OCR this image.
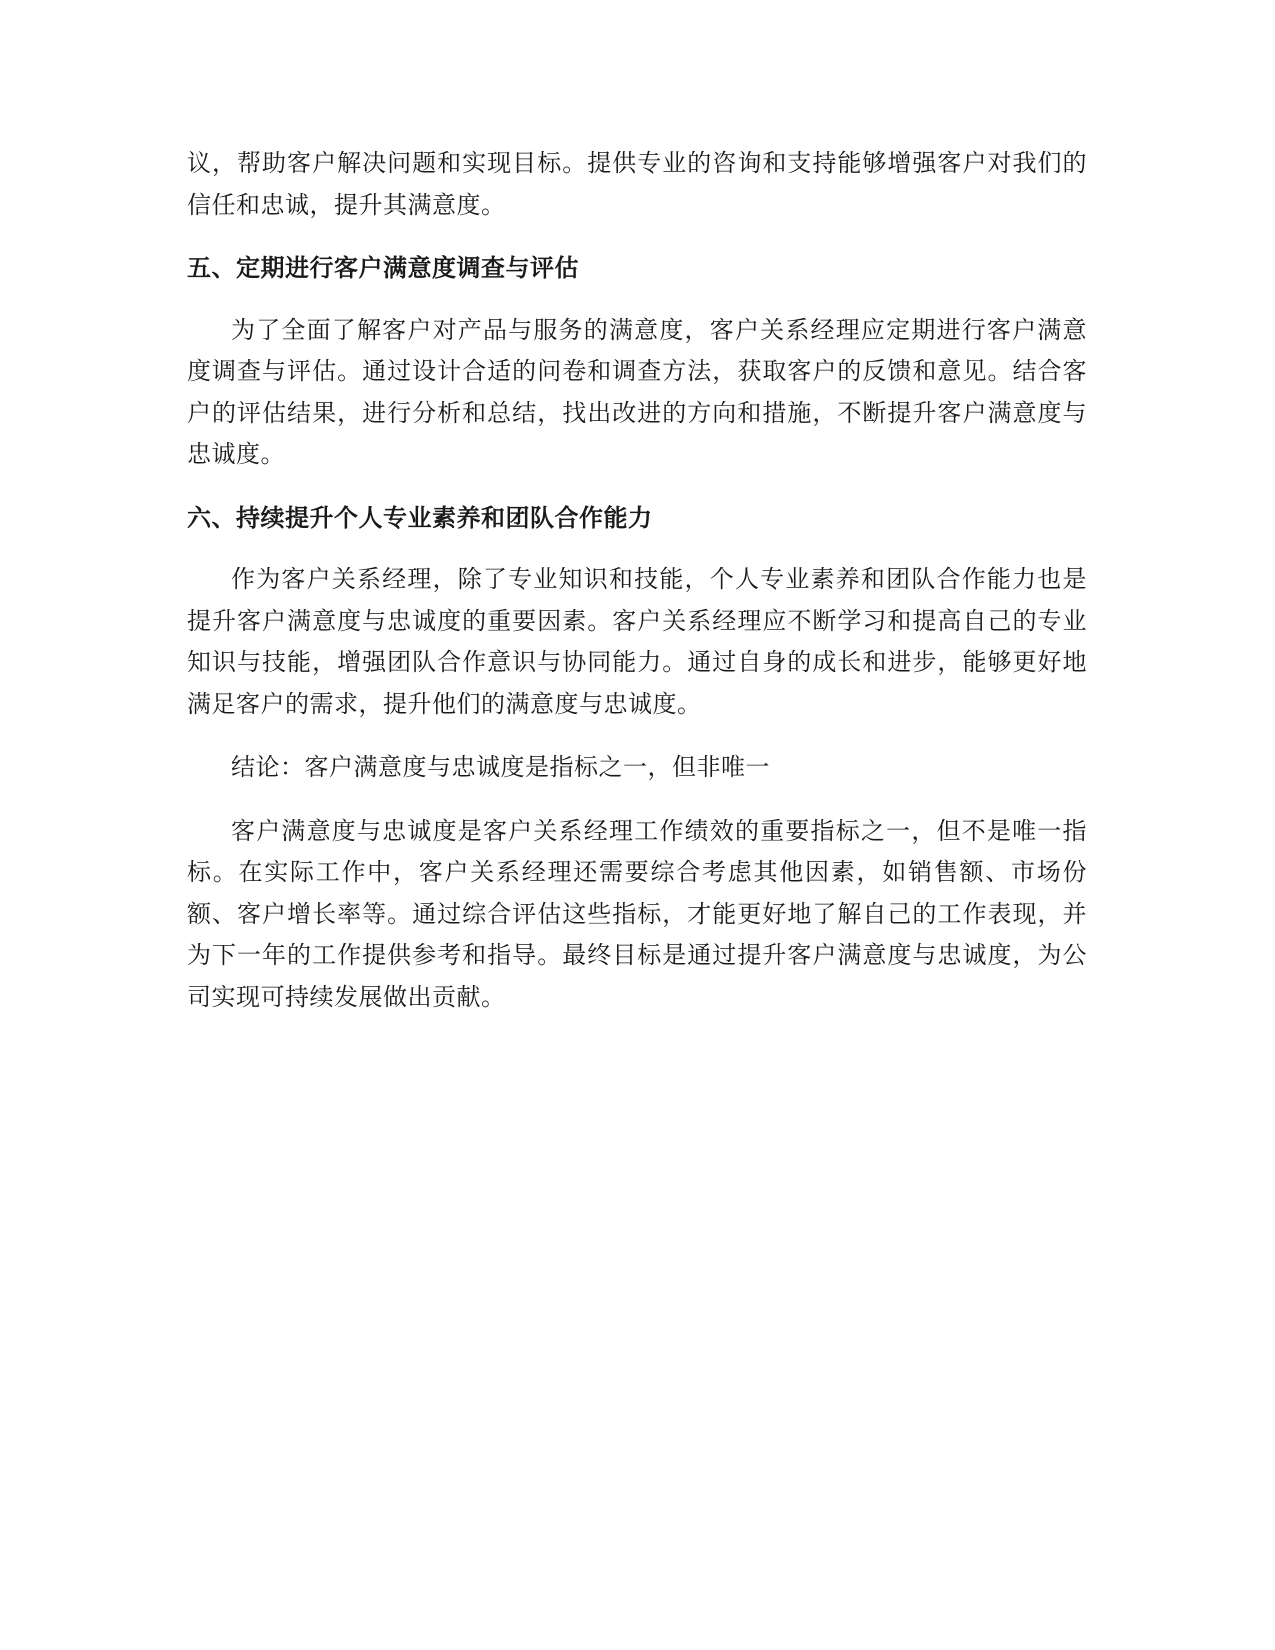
议，帮助客户解决问题和实现目标。提供专业的咨询和支持能够增强客户对我们的信任和忠诚，提升其满意度。

五、定期进行客户满意度调查与评估

为了全面了解客户对产品与服务的满意度，客户关系经理应定期进行客户满意度调查与评估。通过设计合适的问卷和调查方法，获取客户的反馈和意见。结合客户的评估结果，进行分析和总结，找出改进的方向和措施，不断提升客户满意度与忠诚度。

六、持续提升个人专业素养和团队合作能力

作为客户关系经理，除了专业知识和技能，个人专业素养和团队合作能力也是提升客户满意度与忠诚度的重要因素。客户关系经理应不断学习和提高自己的专业知识与技能，增强团队合作意识与协同能力。通过自身的成长和进步，能够更好地满足客户的需求，提升他们的满意度与忠诚度。

结论：客户满意度与忠诚度是指标之一，但非唯一

客户满意度与忠诚度是客户关系经理工作绩效的重要指标之一，但不是唯一指标。在实际工作中，客户关系经理还需要综合考虑其他因素，如销售额、市场份额、客户增长率等。通过综合评估这些指标，才能更好地了解自己的工作表现，并为下一年的工作提供参考和指导。最终目标是通过提升客户满意度与忠诚度，为公司实现可持续发展做出贡献。
